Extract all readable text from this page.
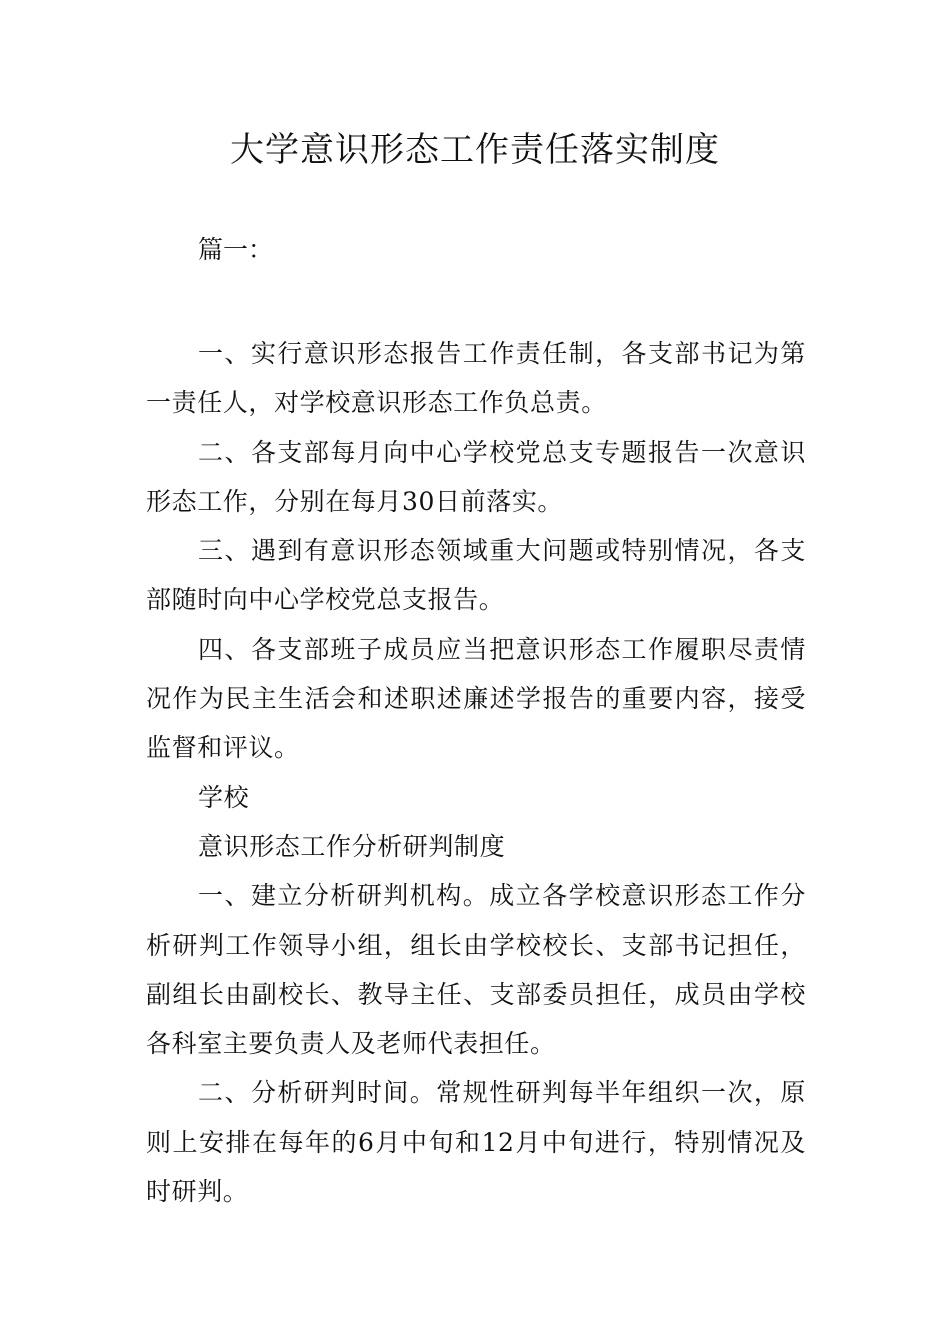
大学意识形态工作责任落实制度

篇一：

一、实行意识形态报告工作责任制，各支部书记为第一责任人，对学校意识形态工作负总责。

二、各支部每月向中心学校党总支专题报告一次意识形态工作，分别在每月30日前落实。

三、遇到有意识形态领域重大问题或特别情况，各支部随时向中心学校党总支报告。

四、各支部班子成员应当把意识形态工作履职尽责情况作为民主生活会和述职述廉述学报告的重要内容，接受监督和评议。

学校

意识形态工作分析研判制度

一、建立分析研判机构。成立各学校意识形态工作分析研判工作领导小组，组长由学校校长、支部书记担任，副组长由副校长、教导主任、支部委员担任，成员由学校各科室主要负责人及老师代表担任。

二、分析研判时间。常规性研判每半年组织一次，原则上安排在每年的6月中旬和12月中旬进行，特别情况及时研判。
